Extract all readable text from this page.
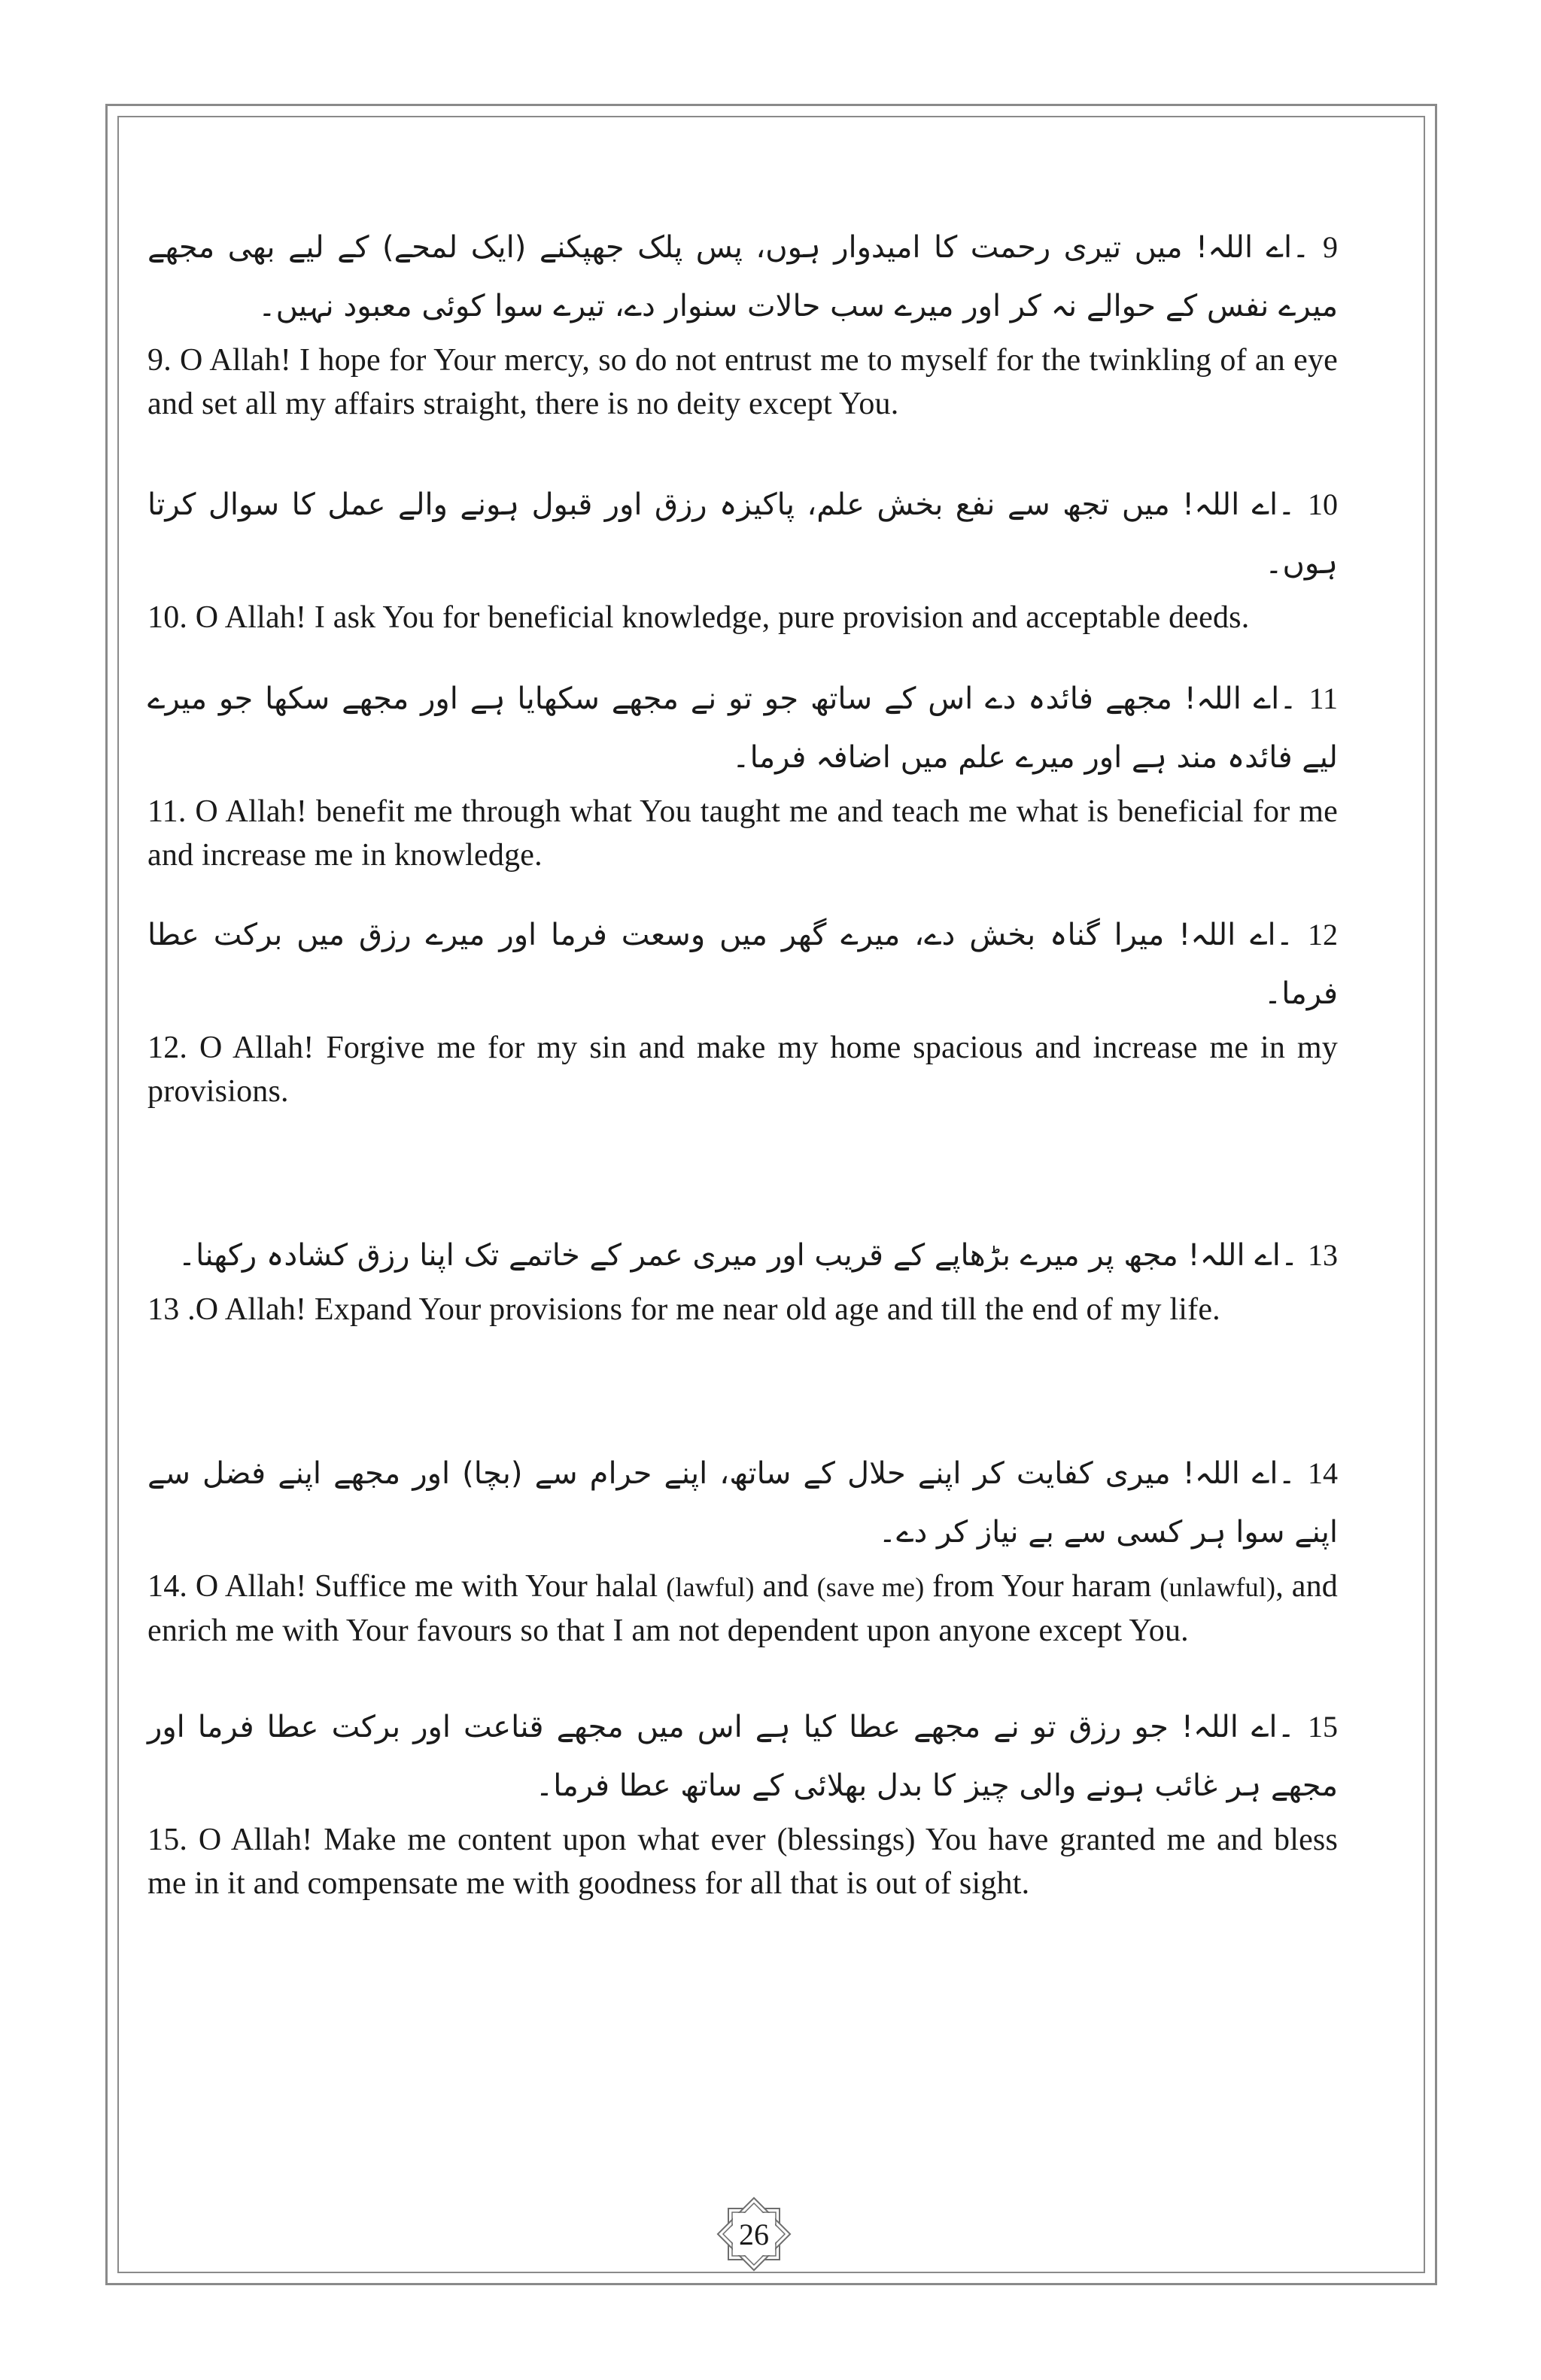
9 ۔اے اللہ! میں تیری رحمت کا امیدوار ہوں، پس پلک جھپکنے (ایک لمحے) کے لیے بھی مجھے میرے نفس کے حوالے نہ کر اور میرے سب حالات سنوار دے، تیرے سوا کوئی معبود نہیں۔

9. O Allah! I hope for Your mercy, so do not entrust me to myself for the twinkling of an eye and set all my affairs straight, there is no deity except You.

10 ۔اے اللہ! میں تجھ سے نفع بخش علم، پاکیزہ رزق اور قبول ہونے والے عمل کا سوال کرتا ہوں۔

10. O Allah! I ask You for beneficial knowledge, pure provision and acceptable deeds.

11 ۔اے اللہ! مجھے فائدہ دے اس کے ساتھ جو تو نے مجھے سکھایا ہے اور مجھے سکھا جو میرے لیے فائدہ مند ہے اور میرے علم میں اضافہ فرما۔

11. O Allah! benefit me through what You taught me and teach me what is beneficial for me and increase me in knowledge.

12 ۔اے اللہ! میرا گناہ بخش دے، میرے گھر میں وسعت فرما اور میرے رزق میں برکت عطا فرما۔

12. O Allah! Forgive me for my sin and make my home spacious and increase me in my provisions.

13 ۔اے اللہ! مجھ پر میرے بڑھاپے کے قریب اور میری عمر کے خاتمے تک اپنا رزق کشادہ رکھنا۔

13 .O Allah! Expand Your provisions for me near old age and till the end of my life.

14 ۔اے اللہ! میری کفایت کر اپنے حلال کے ساتھ، اپنے حرام سے (بچا) اور مجھے اپنے فضل سے اپنے سوا ہر کسی سے بے نیاز کر دے۔

14. O Allah! Suffice me with Your halal (lawful) and (save me) from Your haram (unlawful), and enrich me with Your favours so that I am not dependent upon anyone except You.

15 ۔اے اللہ! جو رزق تو نے مجھے عطا کیا ہے اس میں مجھے قناعت اور برکت عطا فرما اور مجھے ہر غائب ہونے والی چیز کا بدل بھلائی کے ساتھ عطا فرما۔

15. O Allah! Make me content upon what ever (blessings) You have granted me and bless me in it and compensate me with goodness for all that is out of sight.

26
